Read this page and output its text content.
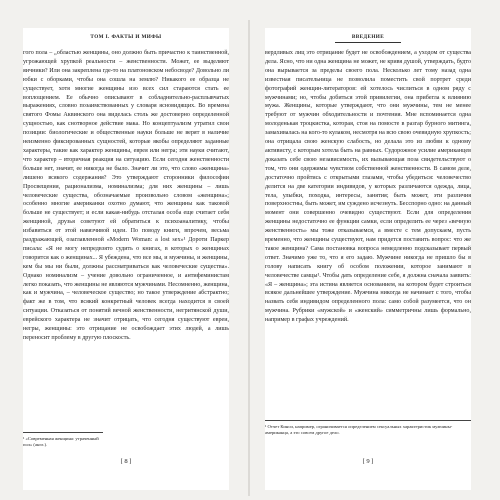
ТОМ I. ФАКТЫ И МИФЫ
гого пола – „областью женщины, оно должно быть причастно к таинственной, угрожающей хрупкой реальности – женственности. Может, ее выделяют яичники? Или она закреплена где-то на платоновском небосводе? Довольно ли юбки с оборками, чтобы она сошла на землю? Никакого ее образца не существует, хотя многие женщины изо всех сил стараются стать ее воплощением. Ее обычно описывают в собладнительно-расплывчатых выражениях, словно позаимствованных у словаря ясновидящих. Во времена святого Фомы Аквинского она виделась столь же достоверно определенной сущностью, как снотворное действие мака. Но концептуализм утратил свои позиции: биологические и общественные науки больше не верят в наличие неизменно фиксированных сущностей, которые якобы определяют заданные характеры, такие как характер женщины, еврея или негра; эти науки считают, что характер – вторичная реакция на ситуацию. Если сегодня женственности больше нет, значит, ее никогда не было. Значит ли это, что слово «женщина» лишено всякого содержания? Это утверждают сторонники философии Просвещения, рационализма, номинализма; для них женщины – лишь человеческие существа, обозначаемые произвольно словом «женщина»; особенно многие американки охотно думают, что женщины как таковой больше не существует; и если какая-нибудь отсталая особа еще считает себя женщиной, друзья советуют ей обратиться к психоаналитику, чтобы избавиться от этой навязчивой идеи. По поводу книги, впрочем, весьма раздражающей, озаглавленной «Modern Woman: a lost sex»¹ Дороти Паркер писала: «Я не могу непредвзято судить о книгах, в которых о женщинах говорится как о женщинах... Я убеждена, что все мы, и мужчины, и женщины, кем бы мы ни были, должны рассматриваться как человеческие существа». Однако номинализм – учение довольно ограниченное, и антифеминистам легко показать, что женщины не являются мужчинами. Несомненно, женщина, как и мужчина, – человеческое существо; но такое утверждение абстрактно; факт же в том, что всякий конкретный человек всегда находится в своей ситуации. Отказаться от понятий вечной женственности, негритянской души, еврейского характера не значит отрицать, что сегодня существуют евреи, негры, женщины: это отрицание не освобождает этих людей, а лишь переносит проблему в другую плоскость.
¹ «Современная женщина: утраченный пол» (англ.).
[ 8 ]
ВВЕДЕНИЕ
вердливых лиц это отрицание будет не освобождением, а уходом от существа дела. Ясно, что ни одна женщина не может, не кривя душой, утверждать, будто она вырывается за пределы своего пола. Несколько лет тому назад одна известная писательница не позволила поместить свой портрет среди фотографий женщин-литераторов: ей хотелось числиться в одном ряду с мужчинами; но, чтобы добиться этой привилегии, она прибегла к влиянию мужа. Женщины, которые утверждают, что они мужчины, тем не менее требуют от мужчин обходительности и почтения. Мне вспоминается одна молоденькая троцкистка, которая, стоя на помосте в разгар бурного митинга, замахивалась на кого-то кулаком, несмотря на всю свою очевидную хрупкость; она отрицала свою женскую слабость, но делала это из любви к одному активисту, с которым хотела быть на равных. Судорожное усилие американцев доказать себе свою независимость, их вызывающая поза свидетельствуют о том, что они одержимы чувством собственной женственности. В самом деле, достаточно пройтись с открытыми глазами, чтобы убедиться: человечество делится на две категории индивидов, у которых различаются одежда, лица, тела, улыбки, походка, интересы, занятия; быть может, эти различия поверхностны, быть может, им суждено исчезнуть. Бесспорно одно: на данный момент они совершенно очевидно существуют. Если для определения женщины недостаточно ее функции самки, если определить ее через «вечную женственность» мы тоже отказываемся, а вместе с тем допускаем, пусть временно, что женщины существуют, нам придется поставить вопрос: что же такое женщина? Сама постановка вопроса немедленно подсказывает первый ответ. Значимо уже то, что я его задаю. Мужчине никогда не пришло бы в голову написать книгу об особом положении, которое занимают в человечестве самцы¹. Чтобы дать определение себе, я должна сначала заявить: «Я – женщина»; эта истина является основанием, на котором будет строиться всякое дальнейшее утверждение. Мужчина никогда не начинает с того, чтобы назвать себя индивидом определенного пола: само собой разумеется, что он мужчина. Рубрики «мужской» и «женский» симметричны лишь формально, например в графах учреждений.
¹ Отчет Кинси, например, ограничивается определением сексуальных характеристик мужчины-американца, а это совсем другое дело.
[ 9 ]
